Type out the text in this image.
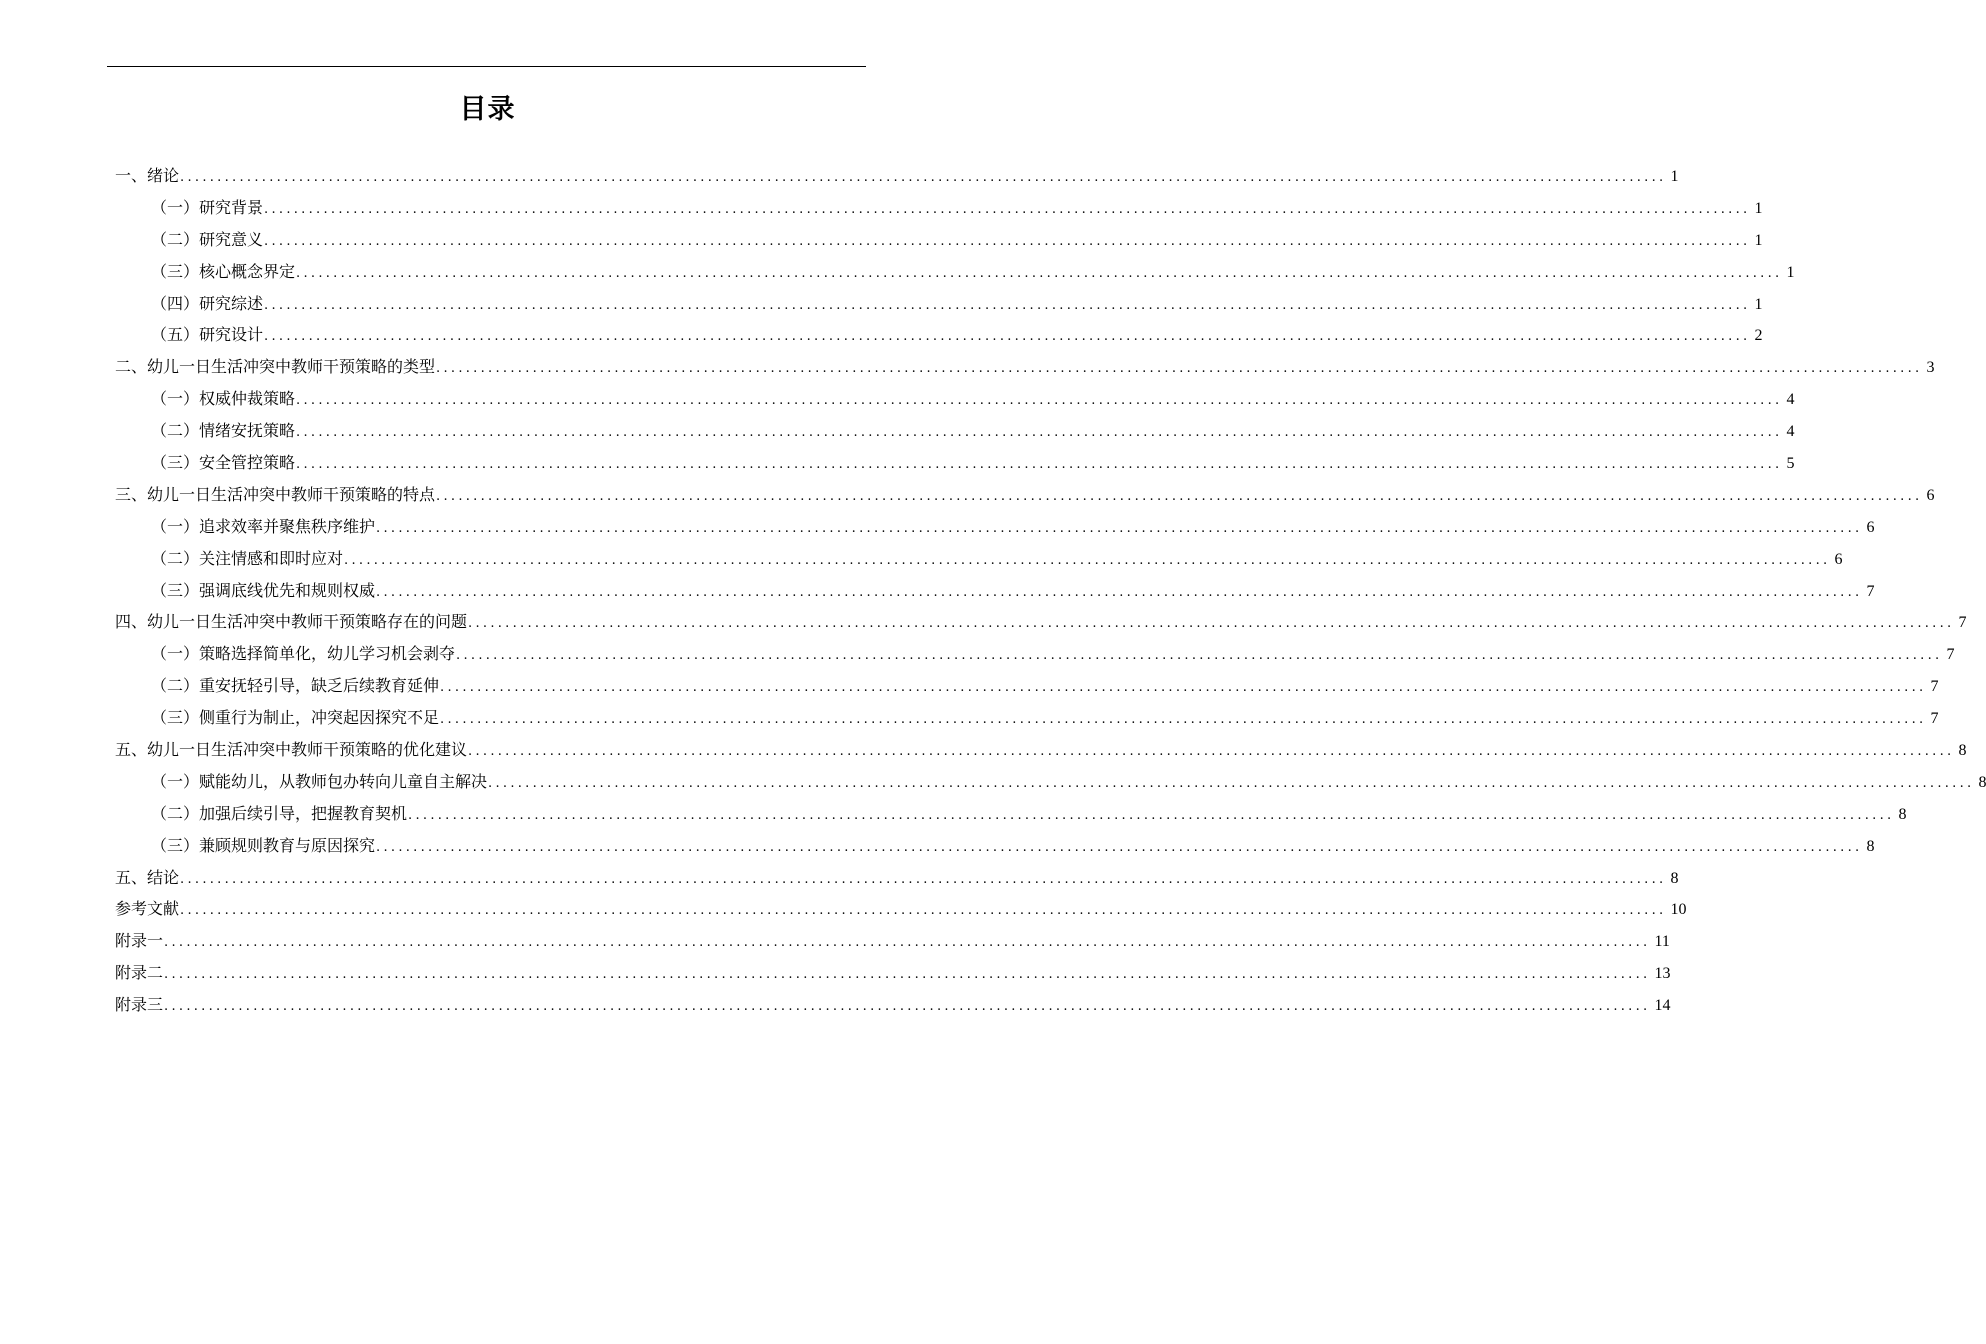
目录
一、绪论 ........................................................................................................................................................................................................ 1
（一）研究背景 ........................................................................................................................................................................................................ 1
（二）研究意义 ........................................................................................................................................................................................................ 1
（三）核心概念界定 ........................................................................................................................................................................................................ 1
（四）研究综述 ........................................................................................................................................................................................................ 1
（五）研究设计 ........................................................................................................................................................................................................ 2
二、幼儿一日生活冲突中教师干预策略的类型 ........................................................................................................................................................................................................ 3
（一）权威仲裁策略 ........................................................................................................................................................................................................ 4
（二）情绪安抚策略 ........................................................................................................................................................................................................ 4
（三）安全管控策略 ........................................................................................................................................................................................................ 5
三、幼儿一日生活冲突中教师干预策略的特点 ........................................................................................................................................................................................................ 6
（一）追求效率并聚焦秩序维护 ........................................................................................................................................................................................................ 6
（二）关注情感和即时应对 ........................................................................................................................................................................................................ 6
（三）强调底线优先和规则权威 ........................................................................................................................................................................................................ 7
四、幼儿一日生活冲突中教师干预策略存在的问题 ........................................................................................................................................................................................................ 7
（一）策略选择简单化，幼儿学习机会剥夺 ........................................................................................................................................................................................................ 7
（二）重安抚轻引导，缺乏后续教育延伸 ........................................................................................................................................................................................................ 7
（三）侧重行为制止，冲突起因探究不足 ........................................................................................................................................................................................................ 7
五、幼儿一日生活冲突中教师干预策略的优化建议 ........................................................................................................................................................................................................ 8
（一）赋能幼儿，从教师包办转向儿童自主解决 ........................................................................................................................................................................................................ 8
（二）加强后续引导，把握教育契机 ........................................................................................................................................................................................................ 8
（三）兼顾规则教育与原因探究 ........................................................................................................................................................................................................ 8
五、结论 ........................................................................................................................................................................................................ 8
参考文献 ........................................................................................................................................................................................................ 10
附录一 ........................................................................................................................................................................................................ 11
附录二 ........................................................................................................................................................................................................ 13
附录三 ........................................................................................................................................................................................................ 14
